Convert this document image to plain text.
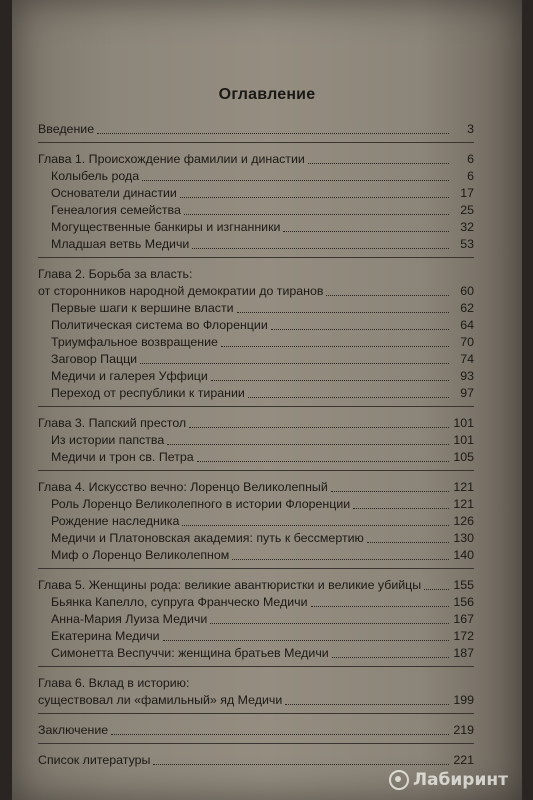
Оглавление
Введение	3
Глава 1. Происхождение фамилии и династии	6
Колыбель рода	6
Основатели династии	17
Генеалогия семейства	25
Могущественные банкиры и изгнанники	32
Младшая ветвь Медичи	53
Глава 2. Борьба за власть:
от сторонников народной демократии до тиранов	60
Первые шаги к вершине власти	62
Политическая система во Флоренции	64
Триумфальное возвращение	70
Заговор Пацци	74
Медичи и галерея Уффици	93
Переход от республики к тирании	97
Глава 3. Папский престол	101
Из истории папства	101
Медичи и трон св. Петра	105
Глава 4. Искусство вечно: Лоренцо Великолепный	121
Роль Лоренцо Великолепного в истории Флоренции	121
Рождение наследника	126
Медичи и Платоновская академия: путь к бессмертию	130
Миф о Лоренцо Великолепном	140
Глава 5. Женщины рода: великие авантюристки и великие убийцы	155
Бьянка Капелло, супруга Франческо Медичи	156
Анна-Мария Луиза Медичи	167
Екатерина Медичи	172
Симонетта Веспуччи: женщина братьев Медичи	187
Глава 6. Вклад в историю:
существовал ли «фамильный» яд Медичи	199
Заключение	219
Список литературы	221
Лабиринт
